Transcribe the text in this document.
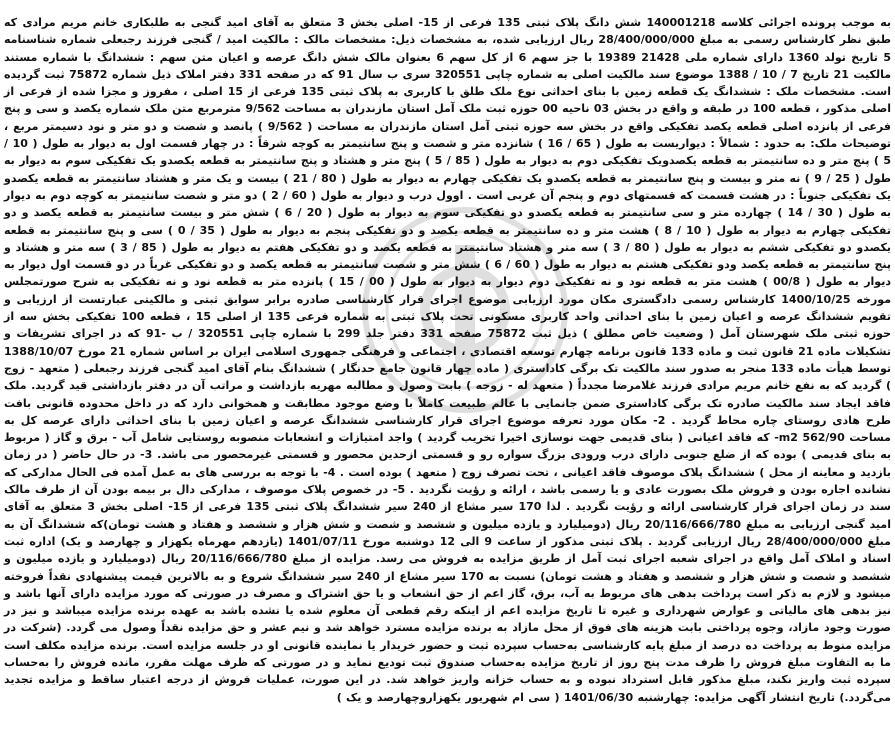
به موجب پرونده اجرائی کلاسه 140001218 شش دانگ پلاک ثبتی 135 فرعی از 15- اصلی بخش 3 متعلق به آقای امید گنجی به طلبکاری خانم مریم مرادی که طبق نظر کارشناس رسمی به مبلغ 28/400/000/000 ریال ارزیابی شده، به مشخصات ذیل: مشخصات مالک : مالکیت امید / گنجی فرزند رجبعلی شماره شناسنامه 5 تاریخ تولد 1360 دارای شماره ملی 21428 19389 با جز سهم 6 از کل سهم 6 بعنوان مالک شش دانگ عرصه و اعیان متن سهم : ششدانگ با شماره مستند مالکیت 21 تاریخ 7 / 10 / 1388 موضوع سند مالکیت اصلی به شماره چاپی 320551 سری ب سال 91 که در صفحه 331 دفتر املاک ذیل شماره 75872 ثبت گردیده است. مشخصات ملک : ششدانگ یک قطعه زمین با بنای احداثی نوع ملک طلق با کاربری به پلاک ثبتی 135 فرعی از 15 اصلی ، مفروز و مجزا شده از فرعی از اصلی مذکور ، قطعه 100 در طبقه و واقع در بخش 03 ناحیه 00 حوزه ثبت ملک آمل استان مازندران به مساحت 9/562 مترمربع متن ملک شماره یکصد و سی و پنج فرعی از پانزده اصلی قطعه یکصد تفکیکی واقع در بخش سه حوزه ثبتی آمل استان مازندران به مساحت ( 9/562 ) پانصد و شصت و دو متر و نود دسیمتر مربع ، توضیحات ملک: به حدود : شمالاً : دیواریست به طول ( 65 / 16 ) شانزده متر و شصت و پنج سانتیمتر به کوچه شرقاً : در چهار قسمت اول به دیوار به طول ( 10 / 5 ) پنج متر و ده سانتیمتر به قطعه یکصدویک تفکیکی دوم به دیوار به طول ( 85 / 5 ) پنج متر و هشتاد و پنج سانتیمتر به قطعه یکصدو یک تفکیکی سوم به دیوار به طول ( 25 / 9 ) نه متر و بیست و پنج سانتیمتر به قطعه یکصدو یک تفکیکی چهارم به دیوار به طول ( 80 / 21 ) بیست و یک متر و هشتاد سانتیمتر به قطعه یکصدو یک تفکیکی جنوباً : در هشت قسمت که قسمتهای دوم و پنجم آن غربی است . اوول درب و دیوار به طول ( 60 / 2 ) دو متر و شصت سانتیمتر به کوچه دوم به دیوار به طول ( 30 / 14 ) چهارده متر و سی سانتیمتر به قطعه یکصدو دو تفکیکی سوم به دیوار به طول ( 20 / 6 ) شش متر و بیست سانتیمتر به قطعه یکصد و دو تفکیکی چهارم به دیوار به طول ( 10 / 8 ) هشت متر و ده سانتیمتر به قطعه یکصد و دو تفکیکی پنجم به دیوار به طول ( 35 / 0 ) سی و پنج سانتیمتر به قطعه یکصدو دو تفکیکی ششم به دیوار به طول ( 80 / 3 ) سه متر و هشتاد سانتیمتر به قطعه یکصد و دو تفکیکی هفتم به دیوار به طول ( 85 / 3 ) سه متر و هشتاد و پنج سانتیمتر به قطعه یکصد ودو تفکیکی هشتم به دیوار به طول ( 60 / 6 ) شش متر و شصت سانتیمتر به قطعه یکصد و دو تفکیکی غرباً در دو قسمت اول دیوار به دیوار به طول ( 00/8 ) هشت متر به قطعه نود و نه تفکیکی دوم دیوار به دیوار به طول ( 00 / 15 ) پانزده متر به قطعه نود و نه تفکیکی به شرح صورتمجلس مورخه 1400/10/25 کارشناس رسمی دادگستری مکان مورد ارزیابی موضوع اجرای قرار کارشناسی صادره برابر سوابق ثبتی و مالکیتی عبارتست از ارزیابی و تقویم ششدانگ عرصه و اعیان زمین با بنای احداثی واحد کاربری مسکونی تحت پلاک ثبتی به شماره فرعی 135 از اصلی 15 ، قطعه 100 تفکیکی بخش سه از حوزه ثبتی ملک شهرستان آمل ( وضعیت خاص مطلق ) ذیل ثبت 75872 صفحه 331 دفتر جلد 299 با شماره چاپی 320551 / ب -91 که در اجرای تشریفات و تشکیلات ماده 21 قانون ثبت و ماده 133 قانون برنامه چهارم توسعه اقتصادی ، اجتماعی و فرهنگی جمهوری اسلامی ایران بر اساس شماره 21 مورخ 1388/10/07 توسط هیأت ماده 133 منجر به صدور سند مالکیت تک برگی کاداستری ( ماده چهار قانون جامع حدنگار ) ششدانگ بنام آقای امید گنجی فرزند رجبعلی ( متعهد - زوج ) گردید که به نفع خانم مریم مرادی فرزند غلامرضا مجدداً ( متعهد له - زوجه ) بابت وصول و مطالبه مهریه بازداشت و مراتب آن در دفتر بازداشتی قید گردید. ملک فاقد ایجاد سند مالکیت صادره تک برگی کاداستری ضمن جانمایی با عالم طبیعت کاملاً با وضع موجود مطابقت و همخوانی دارد که در داخل محدوده قانونی بافت طرح هادی روستای چاره محاط گردید . 2- مکان مورد تعرفه موضوع اجرای قرار کارشناسی ششدانگ عرصه و اعیان زمین با بنای احداثی دارای عرصه کل به مساحت m2 562/90- که فاقد اعیانی ( بنای قدیمی جهت نوسازی اخیرا تخریب گردید ) واجد امتیازات و انشعابات منصوبه روستایی شامل آب - برق و گاز ( مربوط به بنای قدیمی ) بوده که از ضلع جنوبی دارای درب ورودی بزرگ سواره رو و قسمتی ازحدین محصور و قسمتی غیرمحصور می باشد. 3- در حال حاضر ( در زمان بازدید و معاینه از محل ) ششدانگ پلاک موصوف فاقد اعیانی ، تحت تصرف زوج ( متعهد ) بوده است . 4- با توجه به بررسی های به عمل آمده فی الحال مدارکی که نشانده اجاره بودن و فروش ملک بصورت عادی و یا رسمی باشد ، ارائه و رؤیت نگردید . 5- در خصوص پلاک موصوف ، مدارکی دال بر بیمه بودن آن از طرف مالک سند در زمان اجرای قرار کارشناسی ارائه و رؤیت نگردید . لذا 170 سیر مشاع از 240 سیر ششدانگ پلاک ثبتی 135 فرعی از 15- اصلی بخش 3 متعلق به آقای امید گنجی ارزیابی به مبلغ 20/116/666/780 ریال (دومیلیارد و یازده میلیون و ششصد و شصت و شش هزار و ششصد و هفتاد و هشت تومان)که ششدانگ آن به مبلغ 28/400/000/000 ریال ارزیابی گردید . پلاک ثبتی مذکور از ساعت 9 الی 12 دوشنبه مورخ 1401/07/11 (یازدهم مهرماه یکهزار و چهارصد و یک) اداره ثبت اسناد و املاک آمل واقع در اجرای شعبه اجرای ثبت آمل از طریق مزایده به فروش می رسد. مزایده از مبلغ 20/116/666/780 ریال (دومیلیارد و یازده میلیون و ششصد و شصت و شش هزار و ششصد و هفتاد و هشت تومان) نسبت به 170 سیر مشاع از 240 سیر ششدانگ شروع و به بالاترین قیمت پیشنهادی نقداً فروخته میشود و لازم به ذکر است پرداخت بدهی های مربوط به آب، برق، گاز اعم از حق انشعاب و یا حق اشتراک و مصرف در صورتی که مورد مزایده دارای آنها باشد و نیز بدهی های مالیاتی و عوارض شهرداری و غیره تا تاریخ مزایده اعم از اینکه رقم قطعی آن معلوم شده یا نشده باشد به عهده برنده مزایده میباشد و نیز در صورت وجود مازاد، وجوه پرداختی بابت هزینه های فوق از محل مازاد به برنده مزایده مسترد خواهد شد و نیم عشر و حق مزایده نقداً وصول می گردد. (شرکت در مزایده منوط به پرداخت ده درصد از مبلغ پایه کارشناسی به‌حساب سپرده ثبت و حضور خریدار یا نماینده قانونی او در جلسه مزایده است. برنده مزایده مکلف است ما به التفاوت مبلغ فروش را ظرف مدت پنج روز از تاریخ مزایده به‌حساب صندوق ثبت تودیع نماید و در صورتی که ظرف مهلت مقرر، مانده فروش را به‌حساب سپرده ثبت واریز نکند، مبلغ مذکور قابل استرداد نبوده و به حساب خزانه واریز خواهد شد. در این صورت، عملیات فروش از درجه اعتبار ساقط و مزایده تجدید می‌گردد.) تاریخ انتشار آگهی مزایده: چهارشنبه 1401/06/30 ( سی ام شهریور یکهزاروچهارصد و یک )
